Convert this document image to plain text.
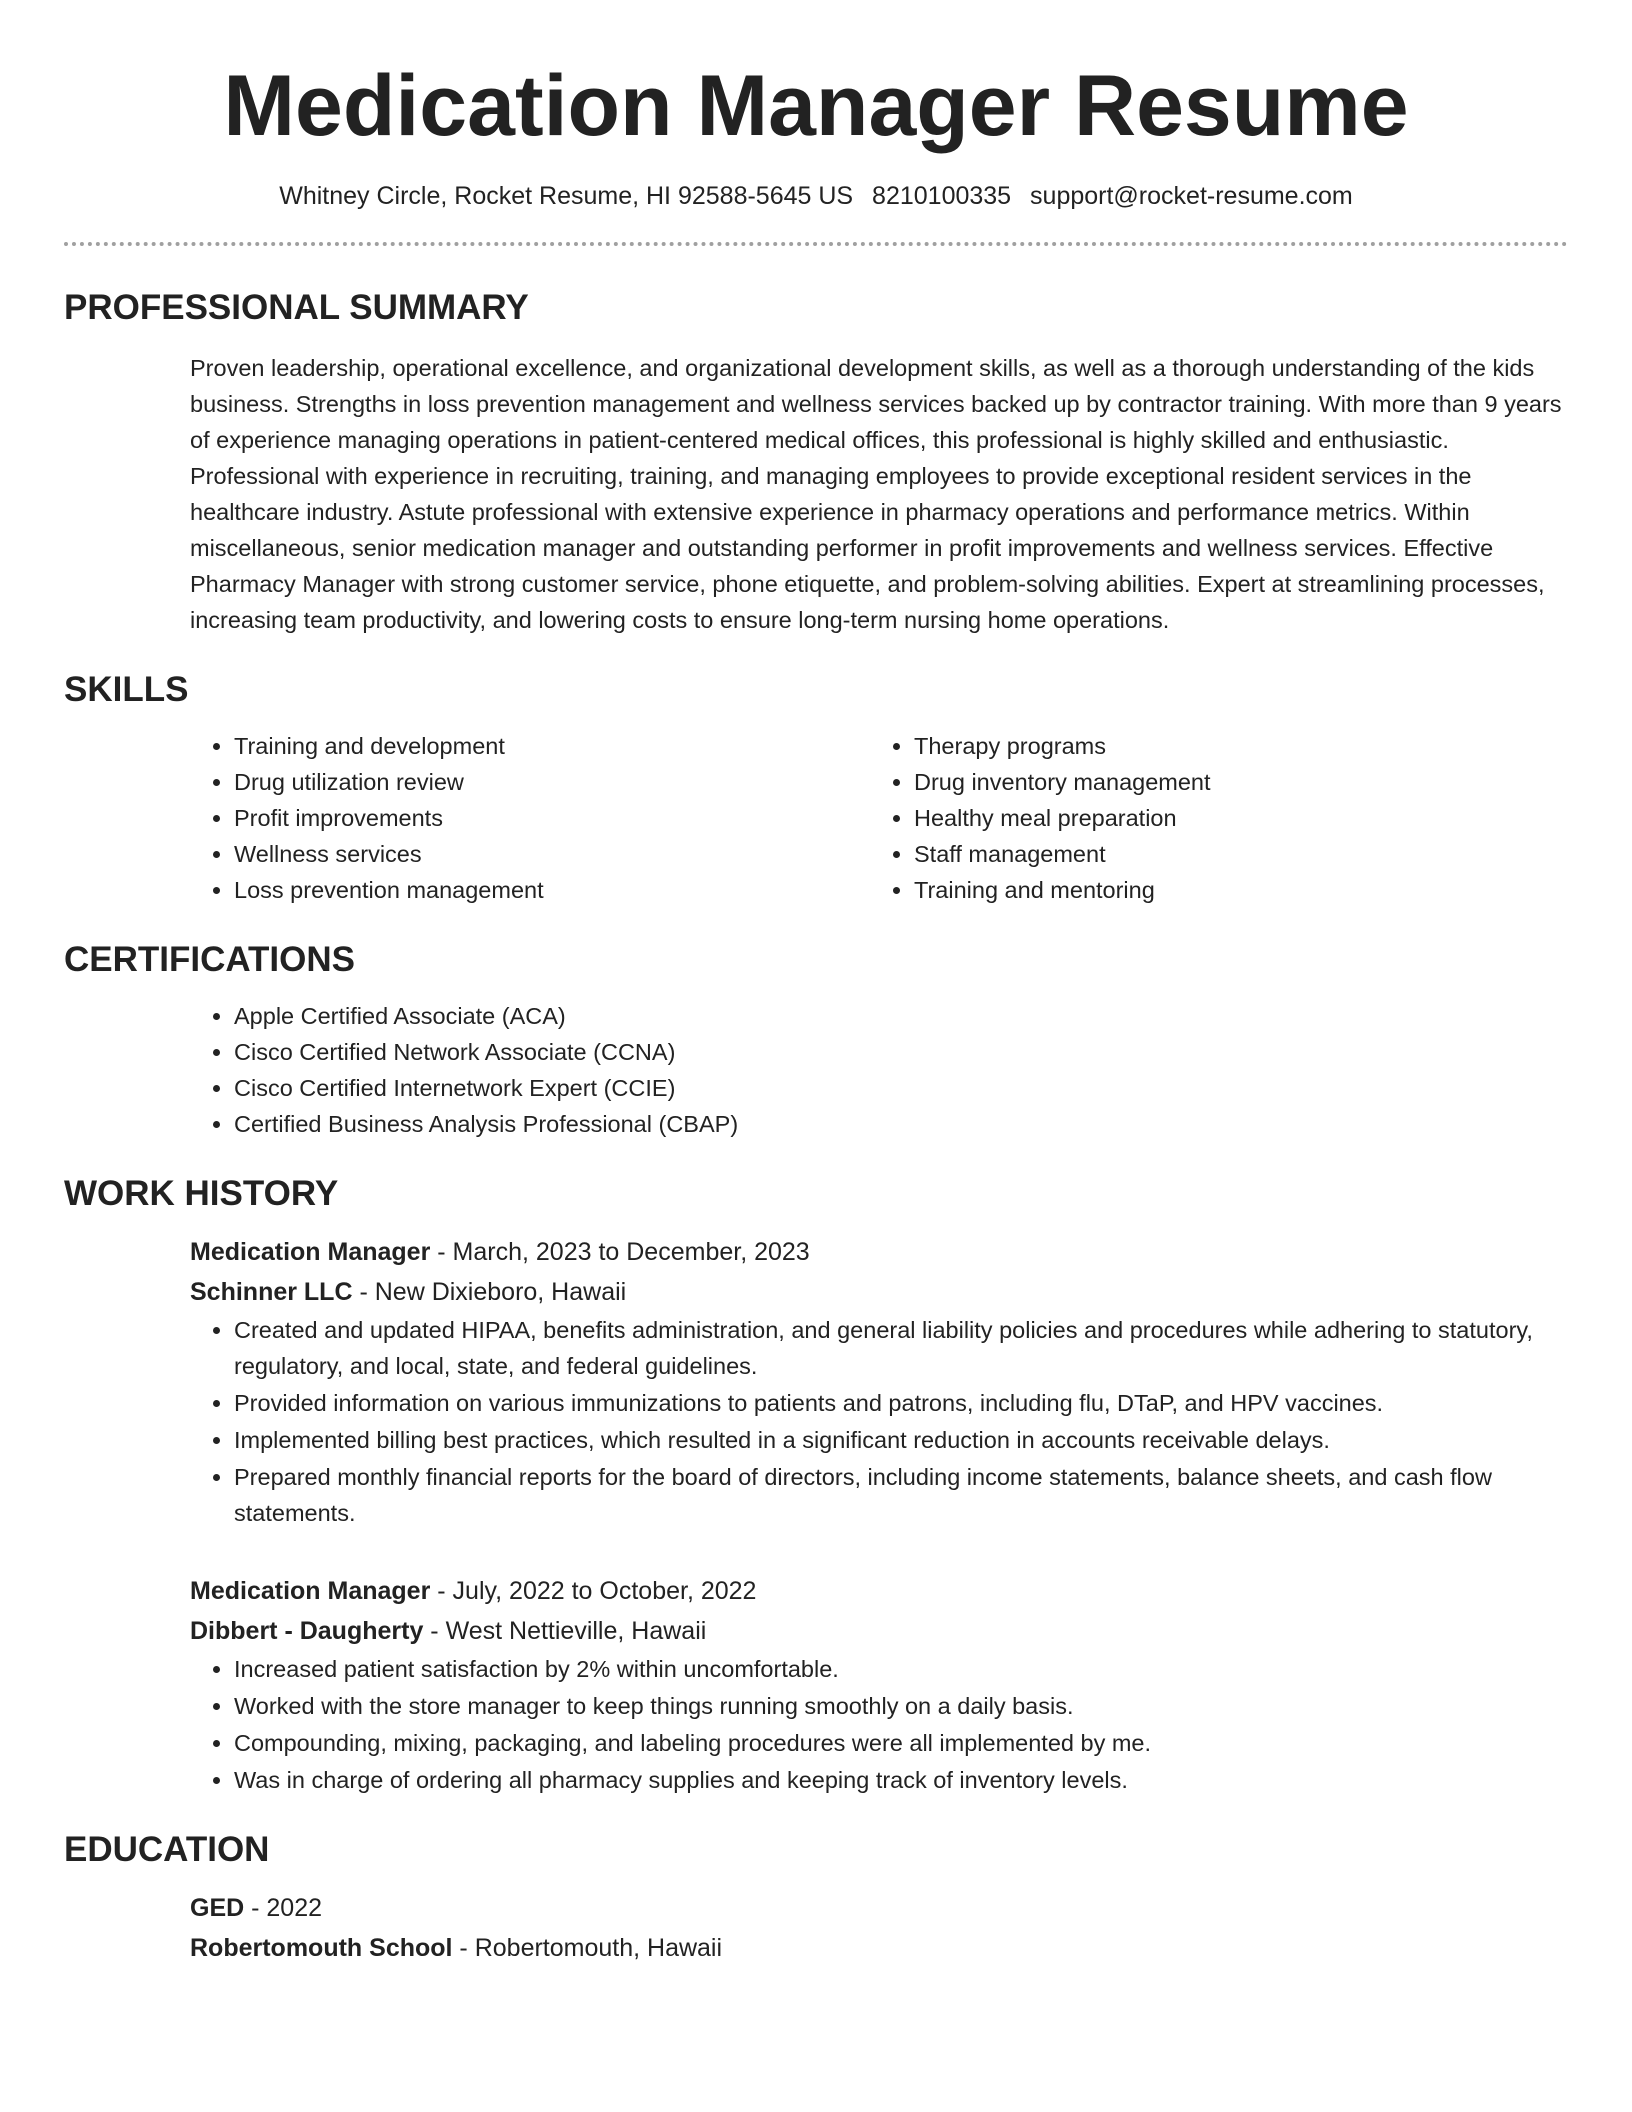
Medication Manager Resume
Whitney Circle, Rocket Resume, HI 92588-5645 US 8210100335 support@rocket-resume.com
PROFESSIONAL SUMMARY

Proven leadership, operational excellence, and organizational development skills, as well as a thorough understanding of the kids business. Strengths in loss prevention management and wellness services backed up by contractor training. With more than 9 years of experience managing operations in patient-centered medical offices, this professional is highly skilled and enthusiastic. Professional with experience in recruiting, training, and managing employees to provide exceptional resident services in the healthcare industry. Astute professional with extensive experience in pharmacy operations and performance metrics. Within miscellaneous, senior medication manager and outstanding performer in profit improvements and wellness services. Effective Pharmacy Manager with strong customer service, phone etiquette, and problem-solving abilities. Expert at streamlining processes, increasing team productivity, and lowering costs to ensure long-term nursing home operations.

SKILLS
• Training and development
• Drug utilization review
• Profit improvements
• Wellness services
• Loss prevention management
• Therapy programs
• Drug inventory management
• Healthy meal preparation
• Staff management
• Training and mentoring
CERTIFICATIONS
• Apple Certified Associate (ACA)
• Cisco Certified Network Associate (CCNA)
• Cisco Certified Internetwork Expert (CCIE)
• Certified Business Analysis Professional (CBAP)
WORK HISTORY
Medication Manager - March, 2023 to December, 2023
Schinner LLC - New Dixieboro, Hawaii
• Created and updated HIPAA, benefits administration, and general liability policies and procedures while adhering to statutory, regulatory, and local, state, and federal guidelines.
• Provided information on various immunizations to patients and patrons, including flu, DTaP, and HPV vaccines.
• Implemented billing best practices, which resulted in a significant reduction in accounts receivable delays.
• Prepared monthly financial reports for the board of directors, including income statements, balance sheets, and cash flow statements.
Medication Manager - July, 2022 to October, 2022
Dibbert - Daugherty - West Nettieville, Hawaii
• Increased patient satisfaction by 2% within uncomfortable.
• Worked with the store manager to keep things running smoothly on a daily basis.
• Compounding, mixing, packaging, and labeling procedures were all implemented by me.
• Was in charge of ordering all pharmacy supplies and keeping track of inventory levels.
EDUCATION
GED - 2022
Robertomouth School - Robertomouth, Hawaii
